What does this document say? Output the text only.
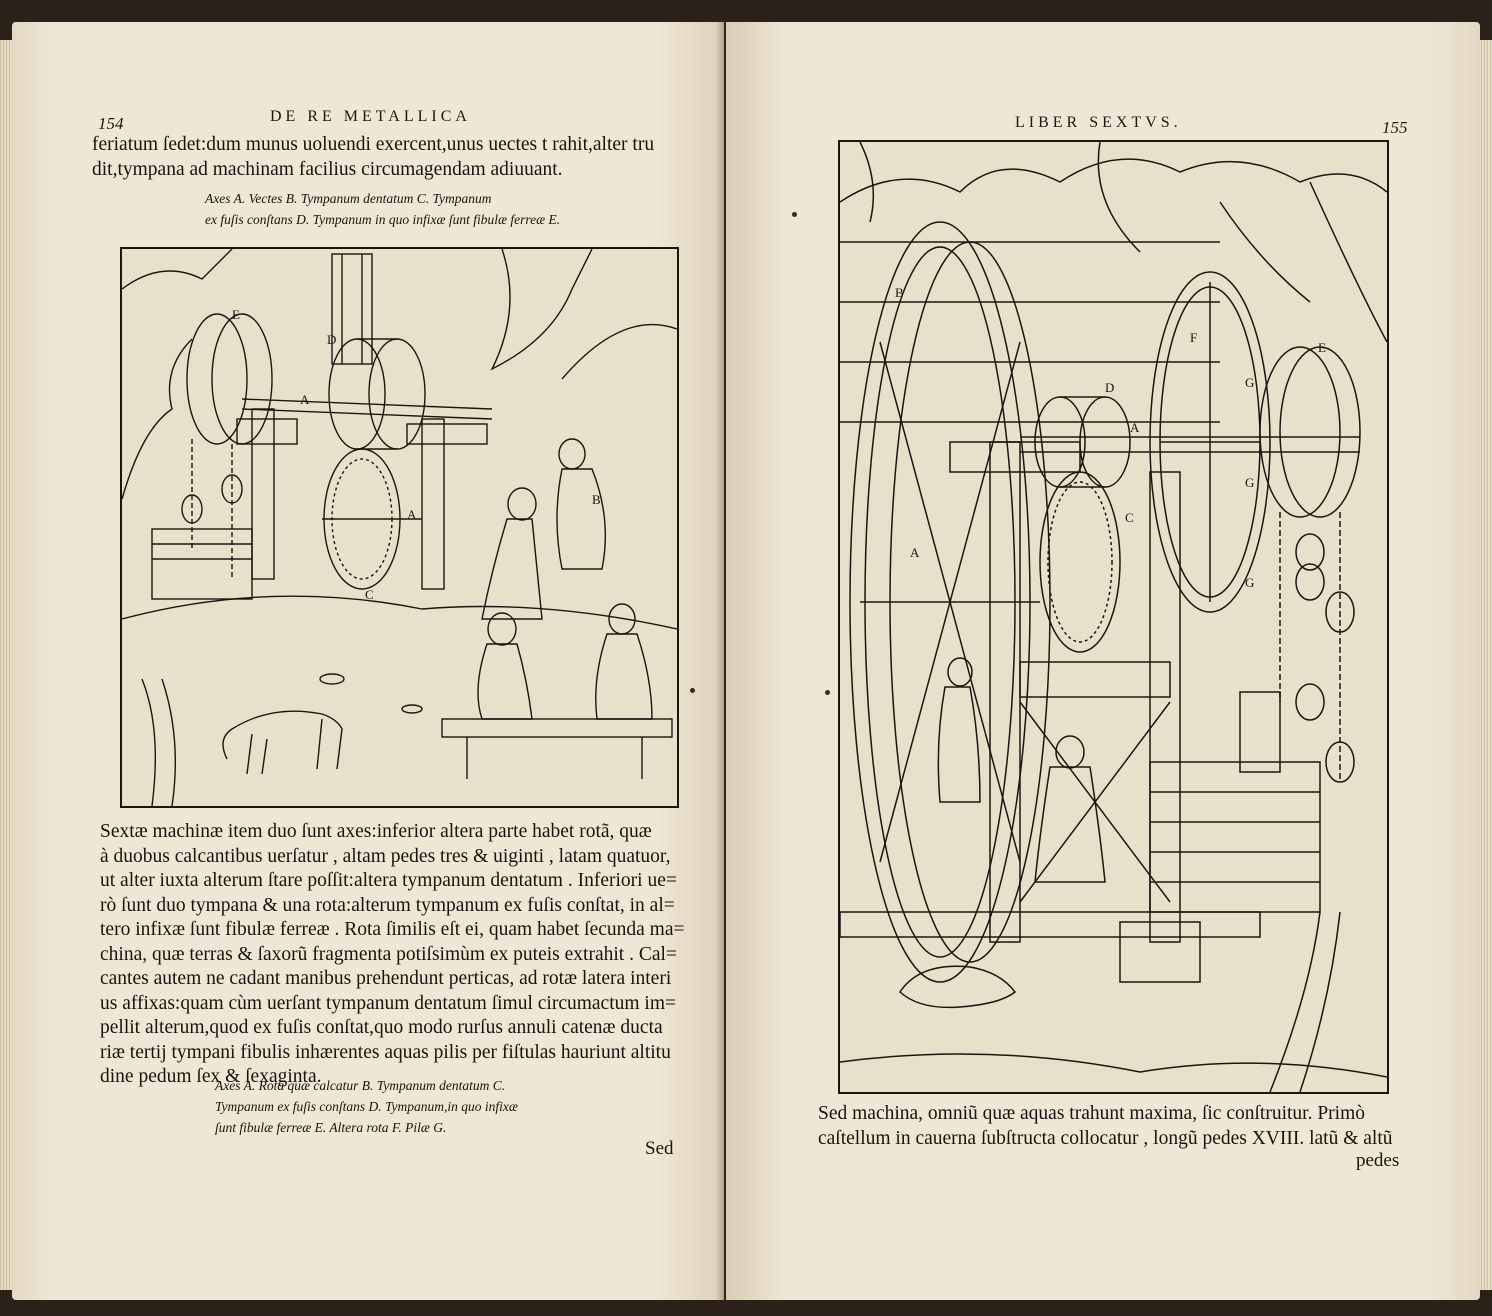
154	DE RE METALLICA

feriatum ſedet:dum munus uoluendi exercent,unus uectes t rahit,alter tru

dit,tympana ad machinam facilius circumagendam adiuuant.

Axes A. Vectes B. Tympanum dentatum C. Tympanum

ex fuſis conſtans D. Tympanum in quo infixæ ſunt fibulæ ferreæ E.

E
D
A
A
B
C

Sextæ machinæ item duo ſunt axes:inferior altera parte habet rotã, quæ

à duobus calcantibus uerſatur , altam pedes tres & uiginti , latam quatuor,

ut alter iuxta alterum ſtare poſſit:altera tympanum dentatum . Inferiori ue=

rò ſunt duo tympana & una rota:alterum tympanum ex fuſis conſtat, in al=

tero infixæ ſunt fibulæ ferreæ . Rota ſimilis eſt ei, quam habet ſecunda ma=

china, quæ terras & ſaxorũ fragmenta potiſsimùm ex puteis extrahit . Cal=

cantes autem ne cadant manibus prehendunt perticas, ad rotæ latera interi

us affixas:quam cùm uerſant tympanum dentatum ſimul circumactum im=

pellit alterum,quod ex fuſis conſtat,quo modo rurſus annuli catenæ ducta

riæ tertij tympani fibulis inhærentes aquas pilis per fiſtulas hauriunt altitu

dine pedum ſex & ſexaginta.

Axes A. Rota quæ calcatur B. Tympanum dentatum C.

Tympanum ex fuſis conſtans D. Tympanum,in quo infixæ

ſunt fibulæ ferreæ E. Altera rota F. Pilæ G.

Sed
LIBER SEXTVS.	155
B
F
D
A
C
A
E
G
G
G

Sed machina, omniũ quæ aquas trahunt maxima, ſic conſtruitur. Primò

caſtellum in cauerna ſubſtructa collocatur , longũ pedes XVIII. latũ & altũ

pedes
